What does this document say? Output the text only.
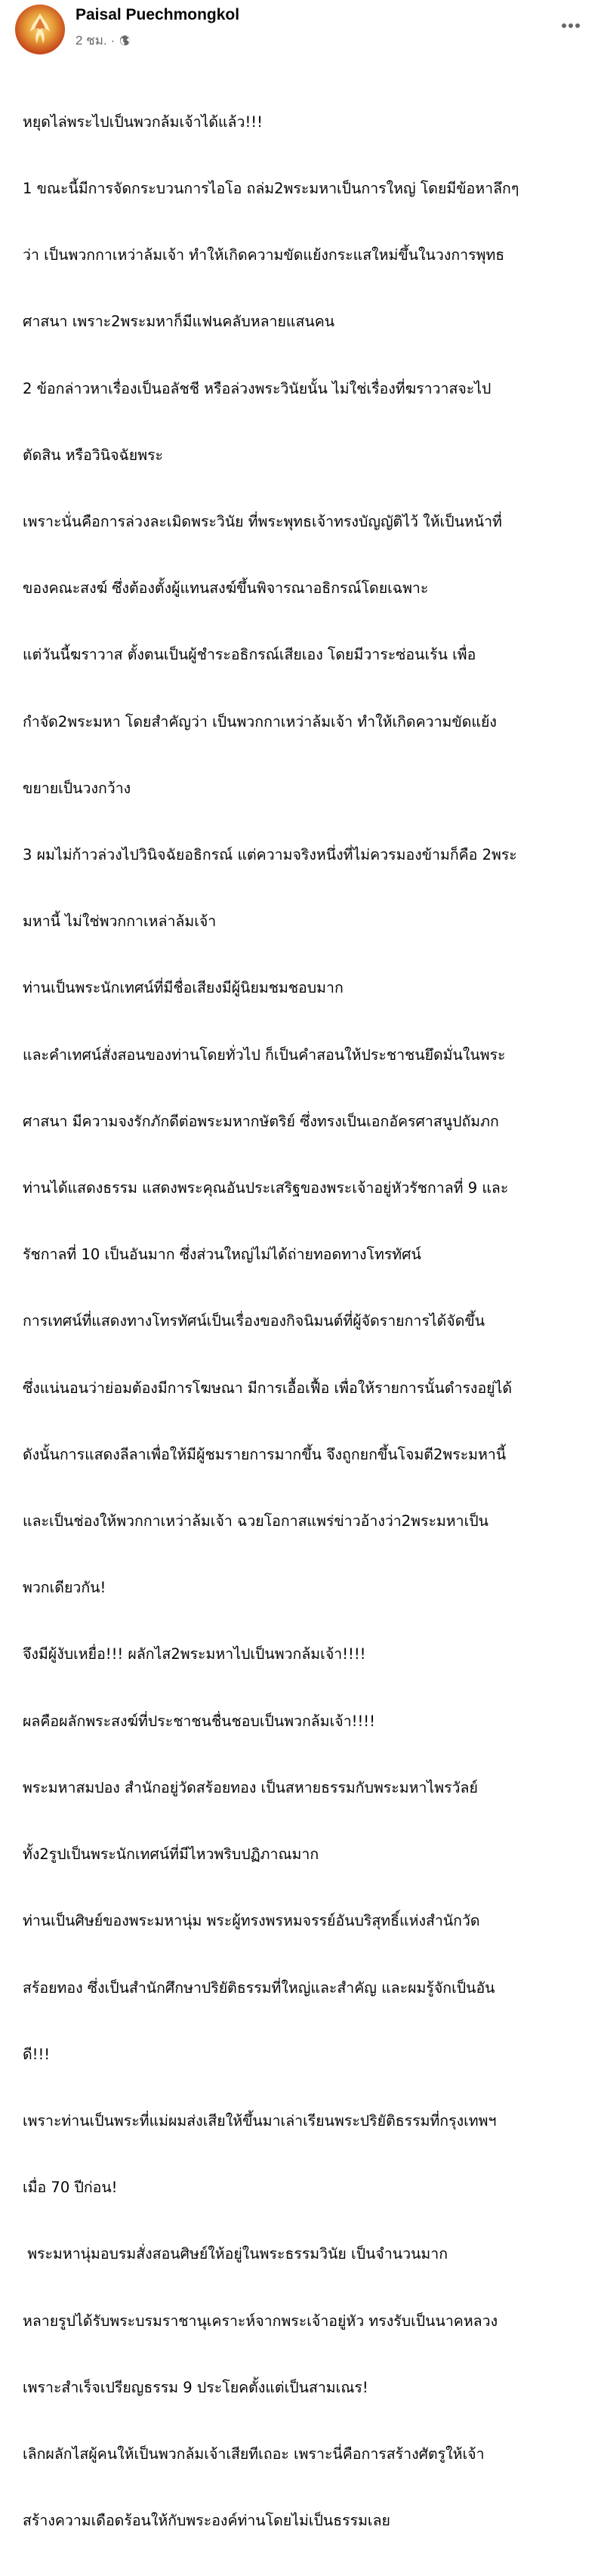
Paisal Puechmongkol
2 ชม. ·

หยุดไล่พระไปเป็นพวกล้มเจ้าได้แล้ว!!!

1 ขณะนี้มีการจัดกระบวนการไอโอ ถล่ม2พระมหาเป็นการใหญ่ โดยมีข้อหาลึกๆ

ว่า เป็นพวกกาเหว่าล้มเจ้า ทำให้เกิดความขัดแย้งกระแสใหม่ขึ้นในวงการพุทธ

ศาสนา เพราะ2พระมหาก็มีแฟนคลับหลายแสนคน

2 ข้อกล่าวหาเรื่องเป็นอลัชชี หรือล่วงพระวินัยนั้น ไม่ใช่เรื่องที่ฆราวาสจะไป

ตัดสิน หรือวินิจฉัยพระ

เพราะนั่นคือการล่วงละเมิดพระวินัย ที่พระพุทธเจ้าทรงบัญญัติไว้ ให้เป็นหน้าที่

ของคณะสงฆ์ ซึ่งต้องตั้งผู้แทนสงฆ์ขึ้นพิจารณาอธิกรณ์โดยเฉพาะ

แต่วันนี้ฆราวาส ตั้งตนเป็นผู้ชำระอธิกรณ์เสียเอง โดยมีวาระซ่อนเร้น เพื่อ

กำจัด2พระมหา โดยสำคัญว่า เป็นพวกกาเหว่าล้มเจ้า ทำให้เกิดความขัดแย้ง

ขยายเป็นวงกว้าง

3 ผมไม่ก้าวล่วงไปวินิจฉัยอธิกรณ์ แต่ความจริงหนึ่งที่ไม่ควรมองข้ามก็คือ 2พระ

มหานี้ ไม่ใช่พวกกาเหล่าล้มเจ้า

ท่านเป็นพระนักเทศน์ที่มีชื่อเสียงมีผู้นิยมชมชอบมาก

และคำเทศน์สั่งสอนของท่านโดยทั่วไป ก็เป็นคำสอนให้ประชาชนยึดมั่นในพระ

ศาสนา มีความจงรักภักดีต่อพระมหากษัตริย์ ซึ่งทรงเป็นเอกอัครศาสนูปถัมภก

ท่านได้แสดงธรรม แสดงพระคุณอันประเสริฐของพระเจ้าอยู่หัวรัชกาลที่ 9 และ

รัชกาลที่ 10 เป็นอันมาก ซึ่งส่วนใหญ่ไม่ได้ถ่ายทอดทางโทรทัศน์

การเทศน์ที่แสดงทางโทรทัศน์เป็นเรื่องของกิจนิมนต์ที่ผู้จัดรายการได้จัดขึ้น

ซึ่งแน่นอนว่าย่อมต้องมีการโฆษณา มีการเอื้อเฟื้อ เพื่อให้รายการนั้นดำรงอยู่ได้

ดังนั้นการแสดงลีลาเพื่อให้มีผู้ชมรายการมากขึ้น จึงถูกยกขึ้นโจมตี2พระมหานี้

และเป็นช่องให้พวกกาเหว่าล้มเจ้า ฉวยโอกาสแพร่ข่าวอ้างว่า2พระมหาเป็น

พวกเดียวกัน!

จึงมีผู้งับเหยื่อ!!! ผลักไส2พระมหาไปเป็นพวกล้มเจ้า!!!!

ผลคือผลักพระสงฆ์ที่ประชาชนชื่นชอบเป็นพวกล้มเจ้า!!!!

พระมหาสมปอง สำนักอยู่วัดสร้อยทอง เป็นสหายธรรมกับพระมหาไพรวัลย์

ทั้ง2รูปเป็นพระนักเทศน์ที่มีไหวพริบปฏิภาณมาก

ท่านเป็นศิษย์ของพระมหานุ่ม พระผู้ทรงพรหมจรรย์อันบริสุทธิ์แห่งสำนักวัด

สร้อยทอง ซึ่งเป็นสำนักศึกษาปริยัติธรรมที่ใหญ่และสำคัญ และผมรู้จักเป็นอัน

ดี!!!

เพราะท่านเป็นพระที่แม่ผมส่งเสียให้ขึ้นมาเล่าเรียนพระปริยัติธรรมที่กรุงเทพฯ

เมื่อ 70 ปีก่อน!

พระมหานุ่มอบรมสั่งสอนศิษย์ให้อยู่ในพระธรรมวินัย เป็นจำนวนมาก

หลายรูปได้รับพระบรมราชานุเคราะห์จากพระเจ้าอยู่หัว ทรงรับเป็นนาคหลวง

เพราะสำเร็จเปรียญธรรม 9 ประโยคตั้งแต่เป็นสามเณร!

เลิกผลักไสผู้คนให้เป็นพวกล้มเจ้าเสียทีเถอะ เพราะนี่คือการสร้างศัตรูให้เจ้า

สร้างความเดือดร้อนให้กับพระองค์ท่านโดยไม่เป็นธรรมเลย
